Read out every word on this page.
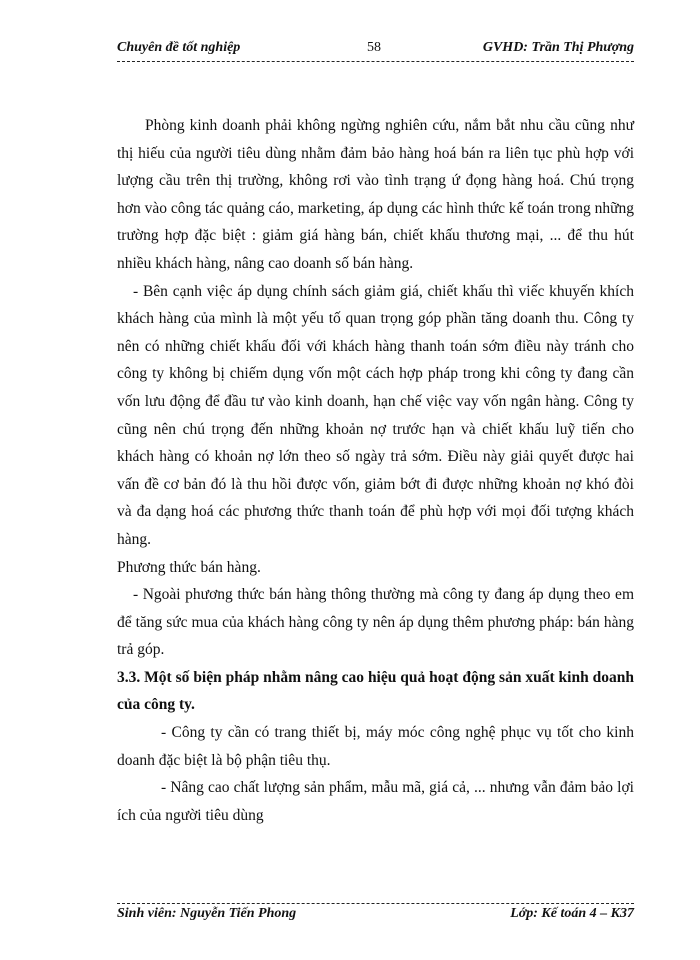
Chuyên đề tốt nghiệp	58	GVHD: Trần Thị Phượng

Phòng kinh doanh phải không ngừng nghiên cứu, nắm bắt nhu cầu cũng như thị hiếu của người tiêu dùng nhằm đảm bảo hàng hoá bán ra liên tục phù hợp với lượng cầu trên thị trường, không rơi vào tình trạng ứ đọng hàng hoá. Chú trọng hơn vào công tác quảng cáo, marketing, áp dụng các hình thức kế toán trong những trường hợp đặc biệt : giảm giá hàng bán, chiết khấu thương mại, ... để thu hút nhiều khách hàng, nâng cao doanh số bán hàng.

- Bên cạnh việc áp dụng chính sách giảm giá, chiết khấu thì viếc khuyến khích khách hàng của mình là một yếu tố quan trọng góp phần tăng doanh thu. Công ty nên có những chiết khấu đối với khách hàng thanh toán sớm điều này tránh cho công ty không bị chiếm dụng vốn một cách hợp pháp trong khi công ty đang cần vốn lưu động để đầu tư vào kinh doanh, hạn chế việc vay vốn ngân hàng. Công ty cũng nên chú trọng đến những khoản nợ trước hạn và chiết khấu luỹ tiến cho khách hàng có khoản nợ lớn theo số ngày trả sớm. Điều này giải quyết được hai vấn đề cơ bản đó là thu hồi được vốn, giảm bớt đi được những khoản nợ khó đòi và đa dạng hoá các phương thức thanh toán để phù hợp với mọi đối tượng khách hàng.

Phương thức bán hàng.

- Ngoài phương thức bán hàng thông thường mà công ty đang áp dụng theo em để tăng sức mua của khách hàng công ty nên áp dụng thêm phương pháp: bán hàng trả góp.

3.3. Một số biện pháp nhằm nâng cao hiệu quả hoạt động sản xuất kinh doanh của công ty.

- Công ty cần có trang thiết bị, máy móc công nghệ phục vụ tốt cho kinh doanh đặc biệt là bộ phận tiêu thụ.

- Nâng cao chất lượng sản phẩm, mẫu mã, giá cả, ... nhưng vẫn đảm bảo lợi ích của người tiêu dùng

Sinh viên: Nguyễn Tiến Phong	Lớp: Kế toán 4 – K37
